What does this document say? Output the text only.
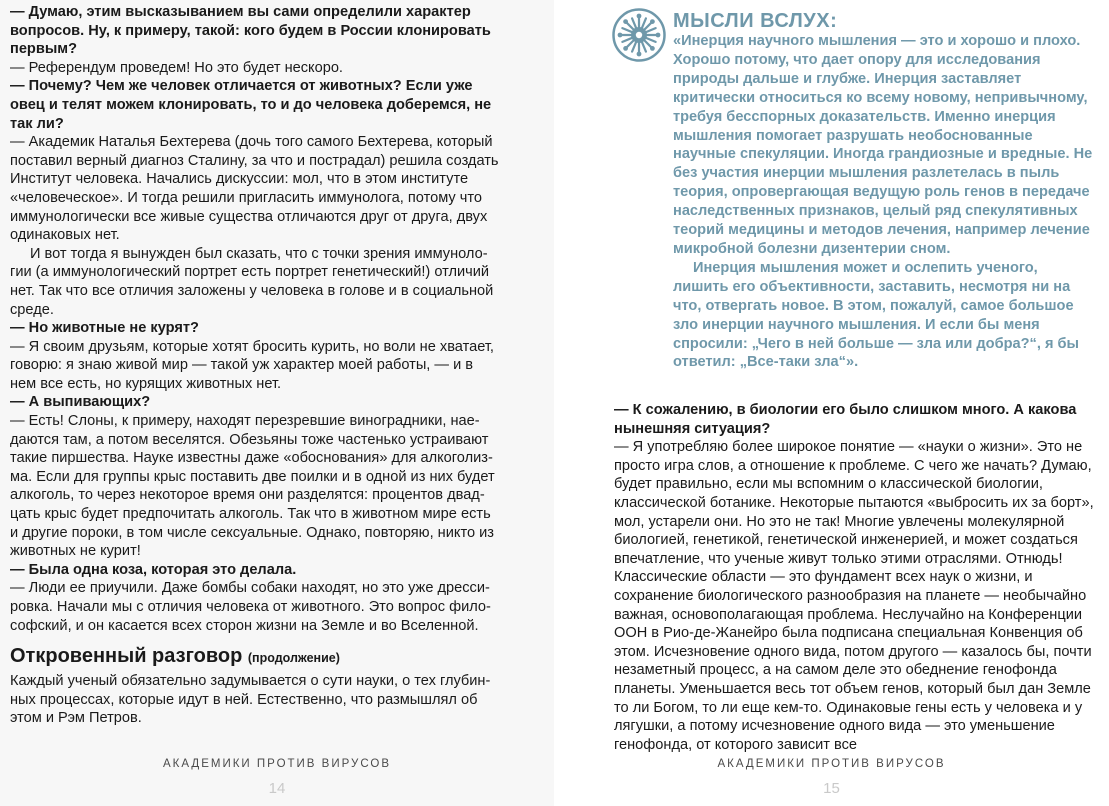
— Думаю, этим высказыванием вы сами определили характер вопросов. Ну, к примеру, такой: кого будем в России клонировать первым?

— Референдум проведем! Но это будет нескоро.

— Почему? Чем же человек отличается от животных? Если уже овец и телят можем клонировать, то и до человека доберемся, не так ли?

— Академик Наталья Бехтерева (дочь того самого Бехтерева, который поставил верный диагноз Сталину, за что и пострадал) решила создать Институт человека. Начались дискуссии: мол, что в этом институте «человеческое». И тогда решили пригласить иммунолога, потому что иммунологически все живые существа отличаются друг от друга, двух одинаковых нет.

И вот тогда я вынужден был сказать, что с точки зрения иммунологии (а иммунологический портрет есть портрет генетический!) отличий нет. Так что все отличия заложены у человека в голове и в социальной среде.

— Но животные не курят?

— Я своим друзьям, которые хотят бросить курить, но воли не хватает, говорю: я знаю живой мир — такой уж характер моей работы, — и в нем все есть, но курящих животных нет.

— А выпивающих?

— Есть! Слоны, к примеру, находят перезревшие виноградники, наедаются там, а потом веселятся. Обезьяны тоже частенько устраивают такие пиршества. Науке известны даже «обоснования» для алкоголизма. Если для группы крыс поставить две поилки и в одной из них будет алкоголь, то через некоторое время они разделятся: процентов двадцать крыс будет предпочитать алкоголь. Так что в животном мире есть и другие пороки, в том числе сексуальные. Однако, повторяю, никто из животных не курит!

— Была одна коза, которая это делала.

— Люди ее приучили. Даже бомбы собаки находят, но это уже дрессировка. Начали мы с отличия человека от животного. Это вопрос философский, и он касается всех сторон жизни на Земле и во Вселенной.

Откровенный разговор (продолжение)

Каждый ученый обязательно задумывается о сути науки, о тех глубинных процессах, которые идут в ней. Естественно, что размышлял об этом и Рэм Петров.

АКАДЕМИКИ ПРОТИВ ВИРУСОВ
14

— К сожалению, в биологии его было слишком много. А какова нынешняя ситуация?

— Я употребляю более широкое понятие — «науки о жизни». Это не просто игра слов, а отношение к проблеме. С чего же начать? Думаю, будет правильно, если мы вспомним о классической биологии, классической ботанике. Некоторые пытаются «выбросить их за борт», мол, устарели они. Но это не так! Многие увлечены молекулярной биологией, генетикой, генетической инженерией, и может создаться впечатление, что ученые живут только этими отраслями. Отнюдь! Классические области — это фундамент всех наук о жизни, и сохранение биологического разнообразия на планете — необычайно важная, основополагающая проблема. Неслучайно на Конференции ООН в Рио-де-Жанейро была подписана специальная Конвенция об этом. Исчезновение одного вида, потом другого — казалось бы, почти незаметный процесс, а на самом деле это обеднение генофонда планеты. Уменьшается весь тот объем генов, который был дан Земле то ли Богом, то ли еще кем-то. Одинаковые гены есть у человека и у лягушки, а потому исчезновение одного вида — это уменьшение генофонда, от которого зависит все

АКАДЕМИКИ ПРОТИВ ВИРУСОВ
15
МЫСЛИ ВСЛУХ:

«Инерция научного мышления — это и хорошо и плохо. Хорошо потому, что дает опору для исследования природы дальше и глубже. Инерция заставляет критически относиться ко всему новому, непривычному, требуя бесспорных доказательств. Именно инерция мышления помогает разрушать необоснованные научные спекуляции. Иногда грандиозные и вредные. Не без участия инерции мышления разлетелась в пыль теория, опровергающая ведущую роль генов в передаче наследственных признаков, целый ряд спекулятивных теорий медицины и методов лечения, например лечение микробной болезни дизентерии сном.

Инерция мышления может и ослепить ученого, лишить его объективности, заставить, несмотря ни на что, отвергать новое. В этом, пожалуй, самое большое зло инерции научного мышления. И если бы меня спросили: „Чего в ней больше — зла или добра?“, я бы ответил: „Все-таки зла“».
